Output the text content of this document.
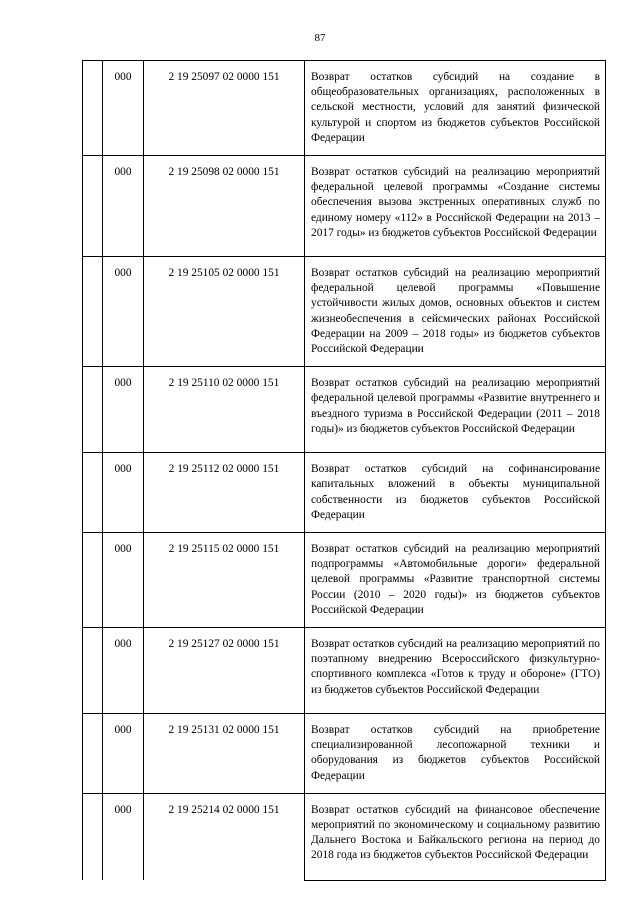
87
	000	2 19 25097 02 0000 151	Возврат остатков субсидий на создание в общеобразовательных организациях, расположенных в сельской местности, условий для занятий физической культурой и спортом из бюджетов субъектов Российской Федерации
	000	2 19 25098 02 0000 151	Возврат остатков субсидий на реализацию мероприятий федеральной целевой программы «Создание системы обеспечения вызова экстренных оперативных служб по единому номеру «112» в Российской Федерации на 2013 – 2017 годы» из бюджетов субъектов Российской Федерации
	000	2 19 25105 02 0000 151	Возврат остатков субсидий на реализацию мероприятий федеральной целевой программы «Повышение устойчивости жилых домов, основных объектов и систем жизнеобеспечения в сейсмических районах Российской Федерации на 2009 – 2018 годы» из бюджетов субъектов Российской Федерации
	000	2 19 25110 02 0000 151	Возврат остатков субсидий на реализацию мероприятий федеральной целевой программы «Развитие внутреннего и въездного туризма в Российской Федерации (2011 – 2018 годы)» из бюджетов субъектов Российской Федерации
	000	2 19 25112 02 0000 151	Возврат остатков субсидий на софинансирование капитальных вложений в объекты муниципальной собственности из бюджетов субъектов Российской Федерации
	000	2 19 25115 02 0000 151	Возврат остатков субсидий на реализацию мероприятий подпрограммы «Автомобильные дороги» федеральной целевой программы «Развитие транспортной системы России (2010 – 2020 годы)» из бюджетов субъектов Российской Федерации
	000	2 19 25127 02 0000 151	Возврат остатков субсидий на реализацию мероприятий по поэтапному внедрению Всероссийского физкультурно-спортивного комплекса «Готов к труду и обороне» (ГТО) из бюджетов субъектов Российской Федерации
	000	2 19 25131 02 0000 151	Возврат остатков субсидий на приобретение специализированной лесопожарной техники и оборудования из бюджетов субъектов Российской Федерации
	000	2 19 25214 02 0000 151	Возврат остатков субсидий на финансовое обеспечение мероприятий по экономическому и социальному развитию Дальнего Востока и Байкальского региона на период до 2018 года из бюджетов субъектов Российской Федерации
